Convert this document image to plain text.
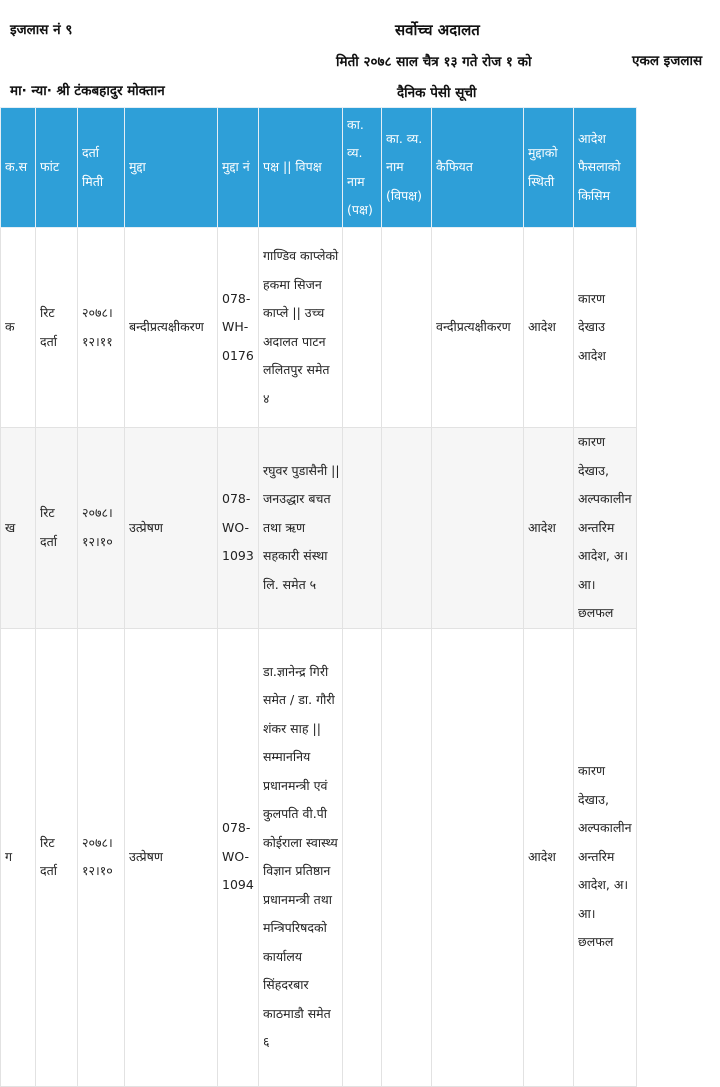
इजलास नं ९	सर्वोच्च अदालत
मिती २०७८ साल चैत्र १३ गते रोज १ को	एकल इजलास
मा· न्या· श्री टंकबहादुर मोक्तान	दैनिक पेसी सूची
क.स	फांट	दर्ता मिती	मुद्दा	मुद्दा नं	पक्ष || विपक्ष	का. व्य. नाम (पक्ष)	का. व्य. नाम (विपक्ष)	कैफियत	मुद्दाको स्थिती	आदेश फैसलाको किसिम
क	रिट दर्ता	२०७८।१२।११	बन्दीप्रत्यक्षीकरण	078-WH-0176	गाण्डिव काप्लेको हकमा सिजन काप्ले || उच्च अदालत पाटन ललितपुर समेत ४			वन्दीप्रत्यक्षीकरण	आदेश	कारण देखाउ आदेश
ख	रिट दर्ता	२०७८।१२।१०	उत्प्रेषण	078-WO-1093	रघुवर पुडासैनी || जनउद्धार बचत तथा ऋण सहकारी संस्था लि. समेत ५				आदेश	कारण देखाउ, अल्पकालीन अन्तरिम आदेश, अ।आ। छलफल
ग	रिट दर्ता	२०७८।१२।१०	उत्प्रेषण	078-WO-1094	डा.ज्ञानेन्द्र गिरी समेत / डा. गौरी शंकर साह || सम्माननिय प्रधानमन्त्री एवं कुलपति वी.पी कोईराला स्वास्थ्य विज्ञान प्रतिष्ठान प्रधानमन्त्री तथा मन्त्रिपरिषदको कार्यालय सिंहदरबार काठमाडौ समेत ६				आदेश	कारण देखाउ, अल्पकालीन अन्तरिम आदेश, अ।आ। छलफल
